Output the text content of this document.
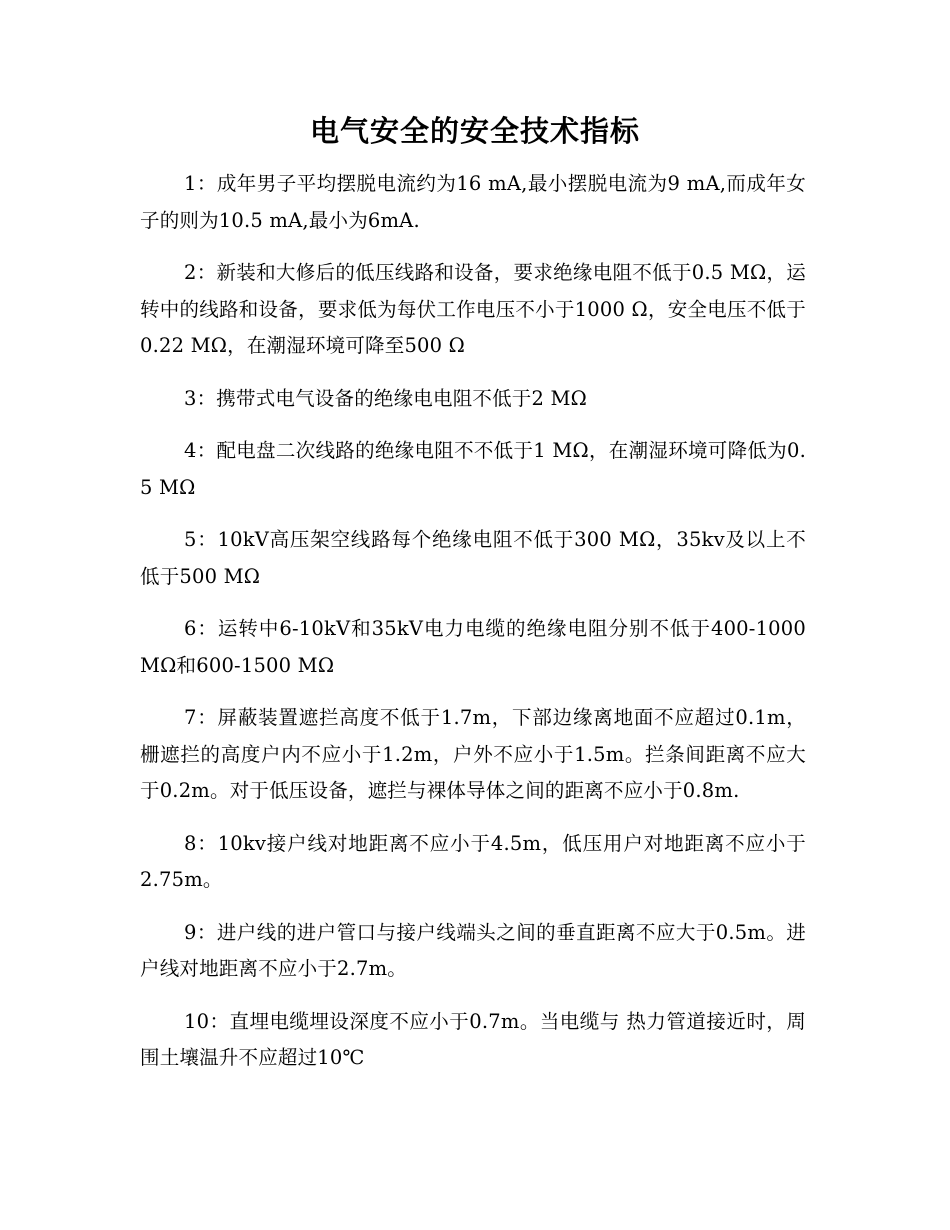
电气安全的安全技术指标

1：成年男子平均摆脱电流约为16 mA,最小摆脱电流为9 mA,而成年女子的则为10.5 mA,最小为6mA.

2：新装和大修后的低压线路和设备，要求绝缘电阻不低于0.5 MΩ，运转中的线路和设备，要求低为每伏工作电压不小于1000 Ω，安全电压不低于0.22 MΩ，在潮湿环境可降至500 Ω

3：携带式电气设备的绝缘电电阻不低于2 MΩ

4：配电盘二次线路的绝缘电阻不不低于1 MΩ，在潮湿环境可降低为0.5 MΩ

5：10kV高压架空线路每个绝缘电阻不低于300 MΩ，35kv及以上不低于500 MΩ

6：运转中6-10kV和35kV电力电缆的绝缘电阻分别不低于400-1000 MΩ和600-1500 MΩ

7：屏蔽装置遮拦高度不低于1.7m，下部边缘离地面不应超过0.1m，栅遮拦的高度户内不应小于1.2m，户外不应小于1.5m。拦条间距离不应大于0.2m。对于低压设备，遮拦与裸体导体之间的距离不应小于0.8m.

8：10kv接户线对地距离不应小于4.5m，低压用户对地距离不应小于2.75m。

9：进户线的进户管口与接户线端头之间的垂直距离不应大于0.5m。进户线对地距离不应小于2.7m。

10：直埋电缆埋设深度不应小于0.7m。当电缆与 热力管道接近时，周围土壤温升不应超过10℃
